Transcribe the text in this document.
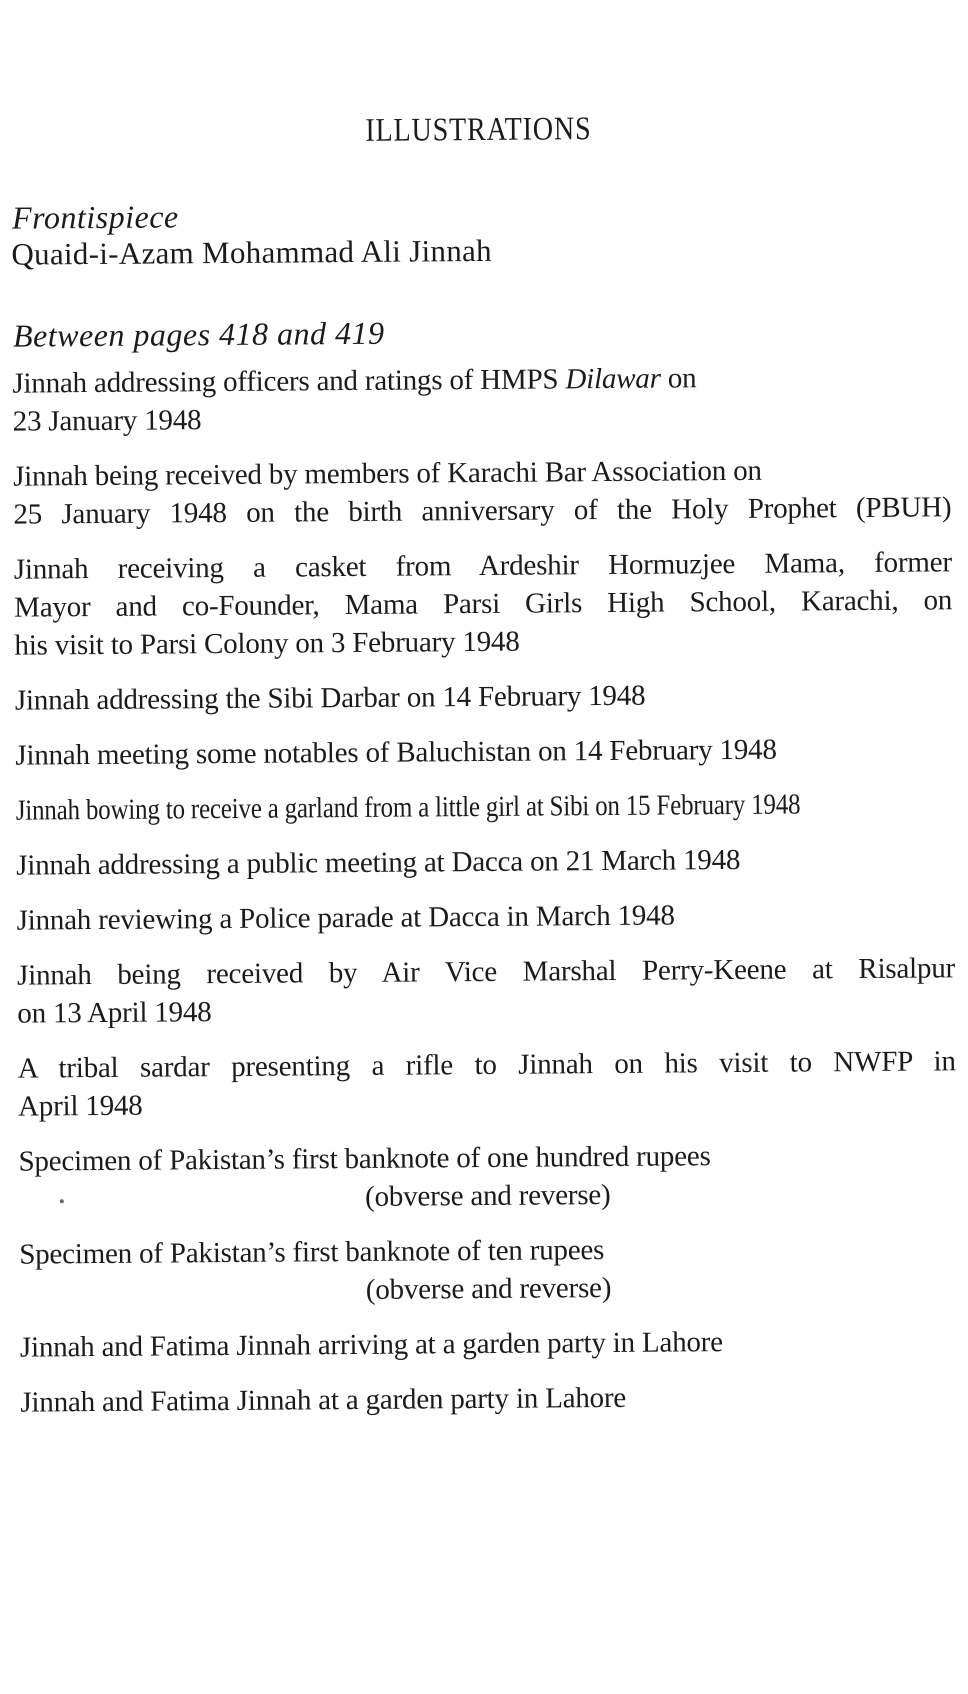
ILLUSTRATIONS
Frontispiece
Quaid-i-Azam Mohammad Ali Jinnah
Between pages 418 and 419

Jinnah addressing officers and ratings of HMPS Dilawar on
23 January 1948

Jinnah being received by members of Karachi Bar Association on
25 January 1948 on the birth anniversary of the Holy Prophet (PBUH)

Jinnah receiving a casket from Ardeshir Hormuzjee Mama, former
Mayor and co-Founder, Mama Parsi Girls High School, Karachi, on
his visit to Parsi Colony on 3 February 1948

Jinnah addressing the Sibi Darbar on 14 February 1948

Jinnah meeting some notables of Baluchistan on 14 February 1948

Jinnah bowing to receive a garland from a little girl at Sibi on 15 February 1948

Jinnah addressing a public meeting at Dacca on 21 March 1948

Jinnah reviewing a Police parade at Dacca in March 1948

Jinnah being received by Air Vice Marshal Perry-Keene at Risalpur
on 13 April 1948

A tribal sardar presenting a rifle to Jinnah on his visit to NWFP in
April 1948

Specimen of Pakistan’s first banknote of one hundred rupees
(obverse and reverse)

Specimen of Pakistan’s first banknote of ten rupees
(obverse and reverse)

Jinnah and Fatima Jinnah arriving at a garden party in Lahore

Jinnah and Fatima Jinnah at a garden party in Lahore
